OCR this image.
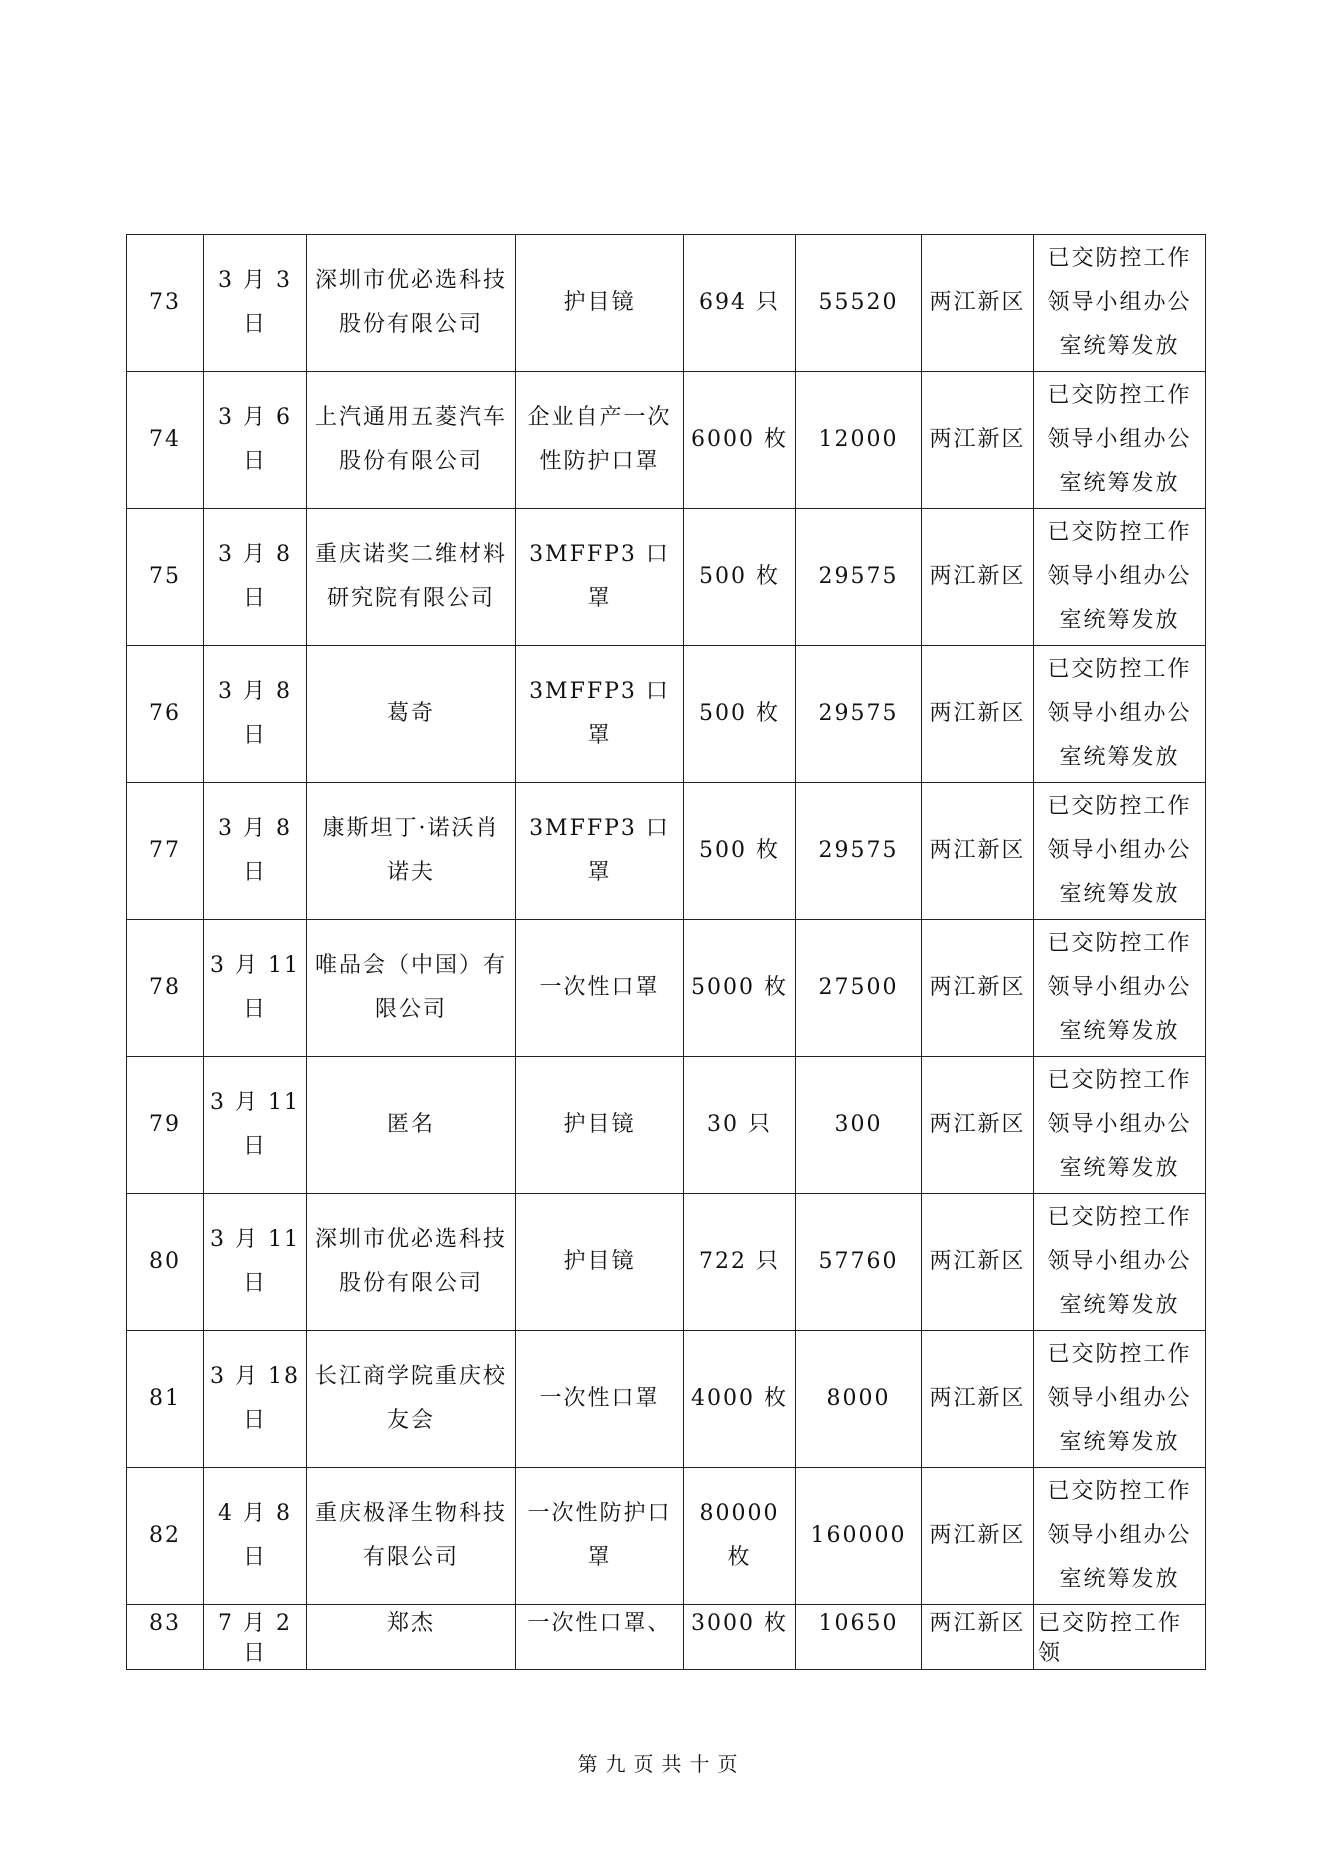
73	3 月 3 日	深圳市优必选科技股份有限公司	护目镜	694 只	55520	两江新区	已交防控工作领导小组办公室统筹发放
74	3 月 6 日	上汽通用五菱汽车股份有限公司	企业自产一次性防护口罩	6000 枚	12000	两江新区	已交防控工作领导小组办公室统筹发放
75	3 月 8 日	重庆诺奖二维材料研究院有限公司	3MFFP3 口罩	500 枚	29575	两江新区	已交防控工作领导小组办公室统筹发放
76	3 月 8 日	葛奇	3MFFP3 口罩	500 枚	29575	两江新区	已交防控工作领导小组办公室统筹发放
77	3 月 8 日	康斯坦丁·诺沃肖诺夫	3MFFP3 口罩	500 枚	29575	两江新区	已交防控工作领导小组办公室统筹发放
78	3 月 11 日	唯品会（中国）有限公司	一次性口罩	5000 枚	27500	两江新区	已交防控工作领导小组办公室统筹发放
79	3 月 11 日	匿名	护目镜	30 只	300	两江新区	已交防控工作领导小组办公室统筹发放
80	3 月 11 日	深圳市优必选科技股份有限公司	护目镜	722 只	57760	两江新区	已交防控工作领导小组办公室统筹发放
81	3 月 18 日	长江商学院重庆校友会	一次性口罩	4000 枚	8000	两江新区	已交防控工作领导小组办公室统筹发放
82	4 月 8 日	重庆极泽生物科技有限公司	一次性防护口罩	80000 枚	160000	两江新区	已交防控工作领导小组办公室统筹发放
83	7 月 2 日	郑杰	一次性口罩、	3000 枚	10650	两江新区	已交防控工作领
第九页共十页
